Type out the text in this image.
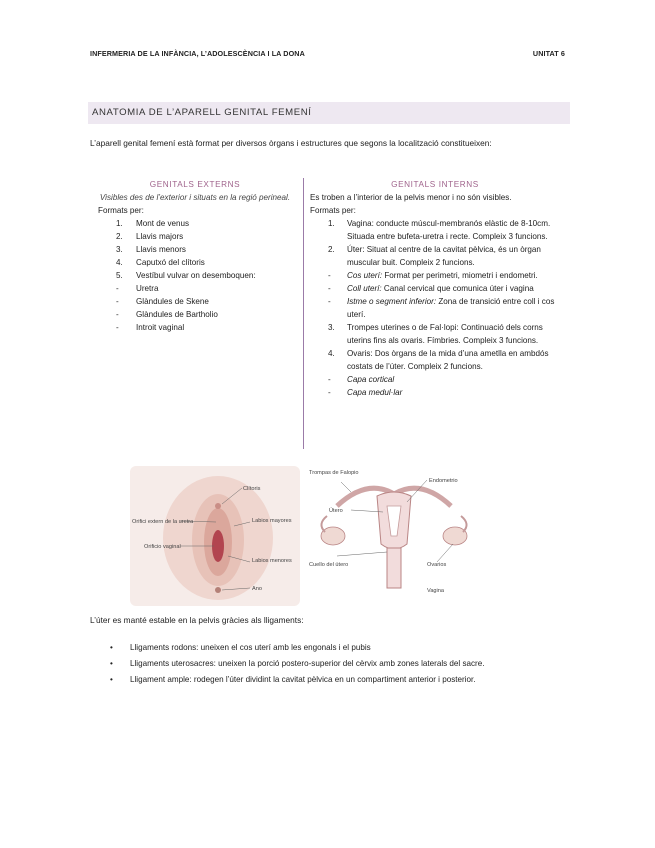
INFERMERIA DE LA INFÀNCIA, L’ADOLESCÈNCIA I LA DONA	UNITAT 6
ANATOMIA DE L’APARELL GENITAL FEMENÍ
L’aparell genital femení està format per diversos òrgans i estructures que segons la localització constitueixen:
GENITALS EXTERNS
Visibles des de l’exterior i situats en la regió perineal.
Formats per:
1. Mont de venus
2. Llavis majors
3. Llavis menors
4. Caputxó del clítoris
5. Vestíbul vulvar on desemboquen:
- Uretra
- Glàndules de Skene
- Glàndules de Bartholio
- Introit vaginal
GENITALS INTERNS
Es troben a l’interior de la pelvis menor i no són visibles.
Formats per:
1. Vagina: conducte múscul-membranós elàstic de 8-10cm. Situada entre bufeta-uretra i recte. Compleix 3 funcions.
2. Úter: Situat al centre de la cavitat pèlvica, és un òrgan muscular buit. Compleix 2 funcions.
- Cos uterí: Format per perimetri, miometri i endometri.
- Coll uterí: Canal cervical que comunica úter i vagina
- Istme o segment inferior: Zona de transició entre coll i cos uterí.
3. Trompes uterines o de Fal·lopi: Continuació dels corns uterins fins als ovaris. Fímbries. Compleix 3 funcions.
4. Ovaris: Dos òrgans de la mida d’una ametlla en ambdós costats de l’úter. Compleix 2 funcions.
- Capa cortical
- Capa medul·lar
Clítoris
Orifici extern de la uretra	Labios mayores
Orificio vaginal
Labios menores
Ano
Trompas de Falopio
Endometrio
Útero
Cuello del útero	Ovarios
Vagina
L’úter es manté estable en la pelvis gràcies als lligaments:
• Lligaments rodons: uneixen el cos uterí amb les engonals i el pubis
• Lligaments uterosacres: uneixen la porció postero-superior del cèrvix amb zones laterals del sacre.
• Lligament ample: rodegen l’úter dividint la cavitat pèlvica en un compartiment anterior i posterior.
